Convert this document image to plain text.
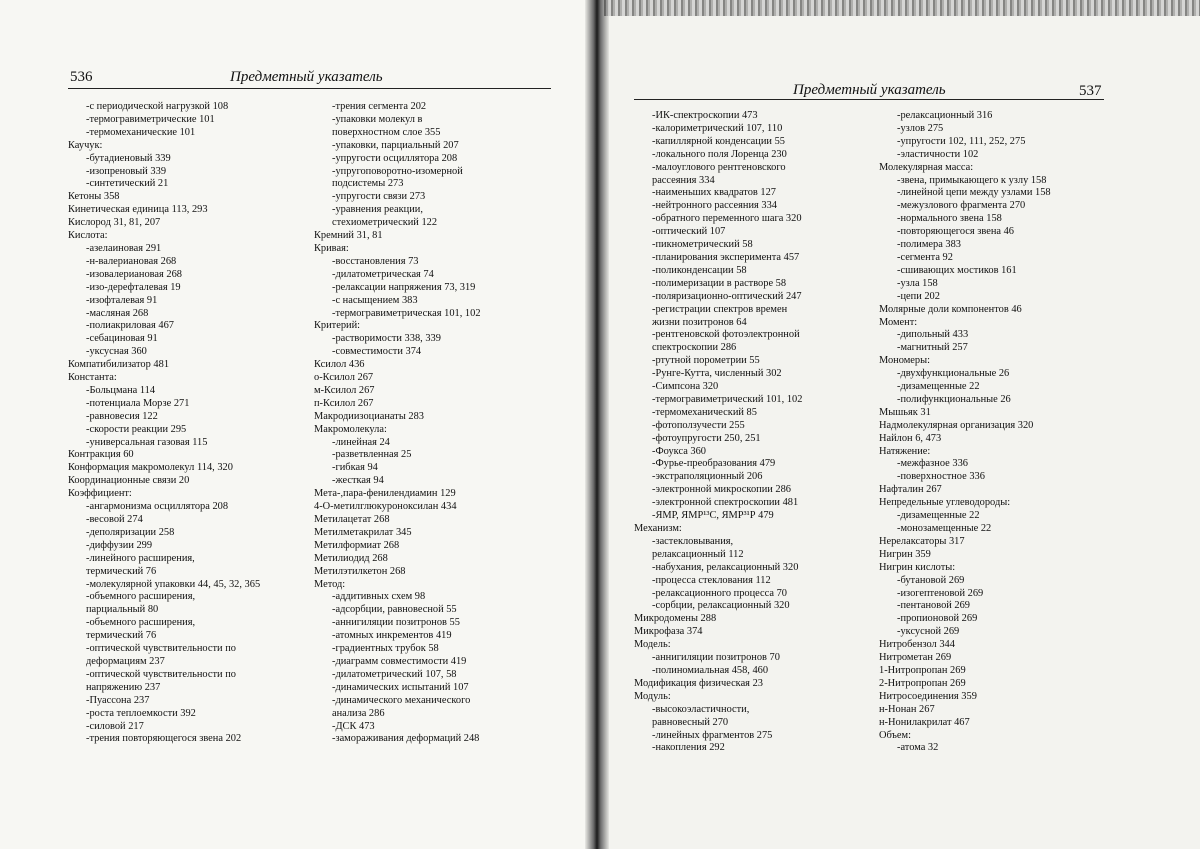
536	Предметный указатель
-с периодической нагрузкой 108
-термогравиметрические 101
-термомеханические 101
Каучук:
-бутадиеновый 339
-изопреновый 339
-синтетический 21
Кетоны 358
Кинетическая единица 113, 293
Кислород 31, 81, 207
Кислота:
-азелаиновая 291
-н-валериановая 268
-изовалериановая 268
-изо-дерефталевая 19
-изофталевая 91
-масляная 268
-полиакриловая 467
-себациновая 91
-уксусная 360
Компатибилизатор 481
Константа:
-Больцмана 114
-потенциала Морзе 271
-равновесия 122
-скорости реакции 295
-универсальная газовая 115
Контракция 60
Конформация макромолекул 114, 320
Координационные связи 20
Коэффициент:
-ангармонизма осциллятора 208
-весовой 274
-деполяризации 258
-диффузии 299
-линейного расширения,
термический 76
-молекулярной упаковки 44, 45, 32, 365
-объемного расширения,
парциальный 80
-объемного расширения,
термический 76
-оптической чувствительности по
деформациям 237
-оптической чувствительности по
напряжению 237
-Пуассона 237
-роста теплоемкости 392
-силовой 217
-трения повторяющегося звена 202
-трения сегмента 202
-упаковки молекул в
поверхностном слое 355
-упаковки, парциальный 207
-упругости осциллятора 208
-упругоповоротно-изомерной
подсистемы 273
-упругости связи 273
-уравнения реакции,
стехиометрический 122
Кремний 31, 81
Кривая:
-восстановления 73
-дилатометрическая 74
-релаксации напряжения 73, 319
-с насыщением 383
-термогравиметрическая 101, 102
Критерий:
-растворимости 338, 339
-совместимости 374
Ксилол 436
о-Ксилол 267
м-Ксилол 267
п-Ксилол 267
Макродиизоцианаты 283
Макромолекула:
-линейная 24
-разветвленная 25
-гибкая 94
-жесткая 94
Мета-,пара-фенилендиамин 129
4-О-метилглюкуроноксилан 434
Метилацетат 268
Метилметакрилат 345
Метилформиат 268
Метилиодид 268
Метилэтилкетон 268
Метод:
-аддитивных схем 98
-адсорбции, равновесной 55
-аннигиляции позитронов 55
-атомных инкрементов 419
-градиентных трубок 58
-диаграмм совместимости 419
-дилатометрический 107, 58
-динамических испытаний 107
-динамического механического
анализа 286
-ДСК 473
-замораживания деформаций 248
Предметный указатель	537
-ИК-спектроскопии 473
-калориметрический 107, 110
-капиллярной конденсации 55
-локального поля Лоренца 230
-малоуглового рентгеновского
рассеяния 334
-наименьших квадратов 127
-нейтронного рассеяния 334
-обратного переменного шага 320
-оптический 107
-пикнометрический 58
-планирования эксперимента 457
-поликонденсации 58
-полимеризации в растворе 58
-поляризационно-оптический 247
-регистрации спектров времен
жизни позитронов 64
-рентгеновской фотоэлектронной
спектроскопии 286
-ртутной порометрии 55
-Рунге-Кутта, численный 302
-Симпсона 320
-термогравиметрический 101, 102
-термомеханический 85
-фотоползучести 255
-фотоупругости 250, 251
-Фоукса 360
-Фурье-преобразования 479
-экстраполяционный 206
-электронной микроскопии 286
-электронной спектроскопии 481
-ЯМР, ЯМР¹³С, ЯМР³¹Р 479
Механизм:
-застекловывания,
релаксационный 112
-набухания, релаксационный 320
-процесса стеклования 112
-релаксационного процесса 70
-сорбции, релаксационный 320
Микродомены 288
Микрофаза 374
Модель:
-аннигиляции позитронов 70
-полиномиальная 458, 460
Модификация физическая 23
Модуль:
-высокоэластичности,
равновесный 270
-линейных фрагментов 275
-накопления 292
-релаксационный 316
-узлов 275
-упругости 102, 111, 252, 275
-эластичности 102
Молекулярная масса:
-звена, примыкающего к узлу 158
-линейной цепи между узлами 158
-межузлового фрагмента 270
-нормального звена 158
-повторяющегося звена 46
-полимера 383
-сегмента 92
-сшивающих мостиков 161
-узла 158
-цепи 202
Молярные доли компонентов 46
Момент:
-дипольный 433
-магнитный 257
Мономеры:
-двухфункциональные 26
-дизамещенные 22
-полифункциональные 26
Мышьяк 31
Надмолекулярная организация 320
Найлон 6, 473
Натяжение:
-межфазное 336
-поверхностное 336
Нафталин 267
Непредельные углеводороды:
-дизамещенные 22
-монозамещенные 22
Нерелаксаторы 317
Нигрин 359
Нигрин кислоты:
-бутановой 269
-изогептеновой 269
-пентановой 269
-пропионовой 269
-уксусной 269
Нитробензол 344
Нитрометан 269
1-Нитропропан 269
2-Нитропропан 269
Нитросоединения 359
н-Нонан 267
н-Нонилакрилат 467
Объем:
-атома 32
